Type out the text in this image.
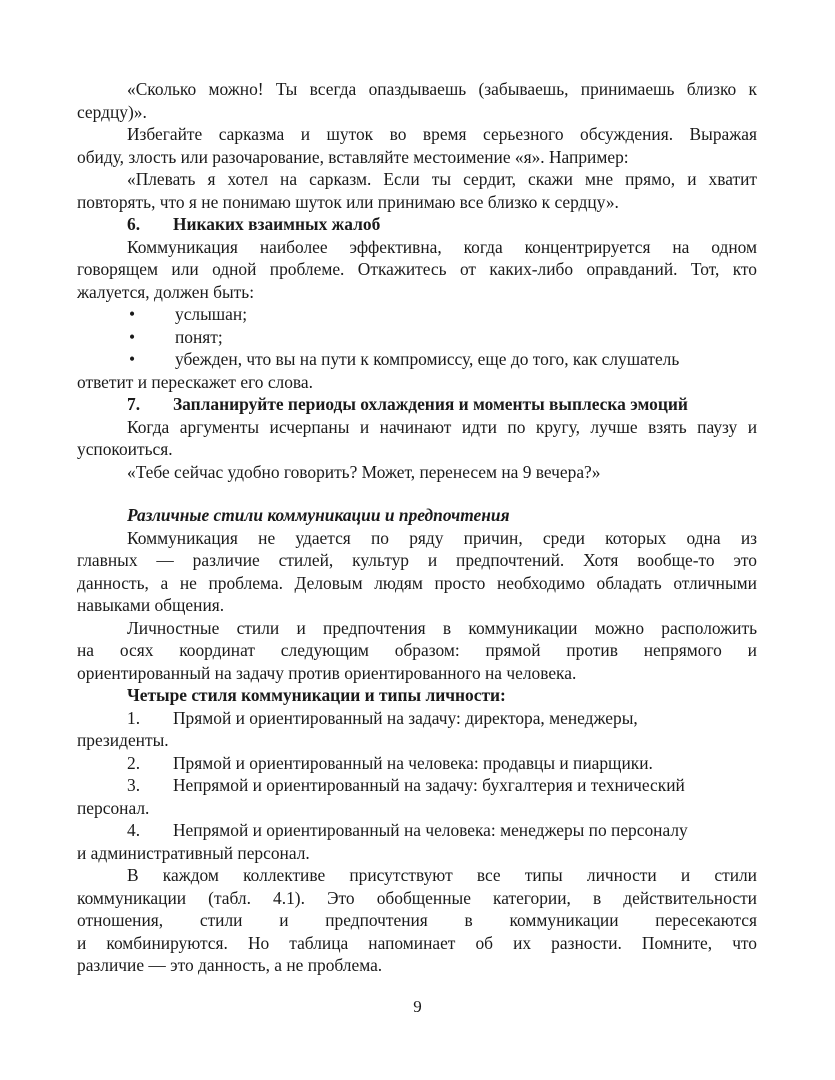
«Сколько можно! Ты всегда опаздываешь (забываешь, принимаешь близко к
сердцу)».
Избегайте сарказма и шуток во время серьезного обсуждения. Выражая
обиду, злость или разочарование, вставляйте местоимение «я». Например:
«Плевать я хотел на сарказм. Если ты сердит, скажи мне прямо, и хватит
повторять, что я не понимаю шуток или принимаю все близко к сердцу».
6. Никаких взаимных жалоб
Коммуникация наиболее эффективна, когда концентрируется на одном
говорящем или одной проблеме. Откажитесь от каких-либо оправданий. Тот, кто
жалуется, должен быть:
• услышан;
• понят;
• убежден, что вы на пути к компромиссу, еще до того, как слушатель
ответит и перескажет его слова.
7. Запланируйте периоды охлаждения и моменты выплеска эмоций
Когда аргументы исчерпаны и начинают идти по кругу, лучше взять паузу и
успокоиться.
«Тебе сейчас удобно говорить? Может, перенесем на 9 вечера?»
Различные стили коммуникации и предпочтения
Коммуникация не удается по ряду причин, среди которых одна из
главных — различие стилей, культур и предпочтений. Хотя вообще-то это
данность, а не проблема. Деловым людям просто необходимо обладать отличными
навыками общения.
Личностные стили и предпочтения в коммуникации можно расположить
на осях координат следующим образом: прямой против непрямого и
ориентированный на задачу против ориентированного на человека.
Четыре стиля коммуникации и типы личности:
1. Прямой и ориентированный на задачу: директора, менеджеры,
президенты.
2. Прямой и ориентированный на человека: продавцы и пиарщики.
3. Непрямой и ориентированный на задачу: бухгалтерия и технический
персонал.
4. Непрямой и ориентированный на человека: менеджеры по персоналу
и административный персонал.
В каждом коллективе присутствуют все типы личности и стили
коммуникации (табл. 4.1). Это обобщенные категории, в действительности
отношения, стили и предпочтения в коммуникации пересекаются
и комбинируются. Но таблица напоминает об их разности. Помните, что
различие — это данность, а не проблема.
9
